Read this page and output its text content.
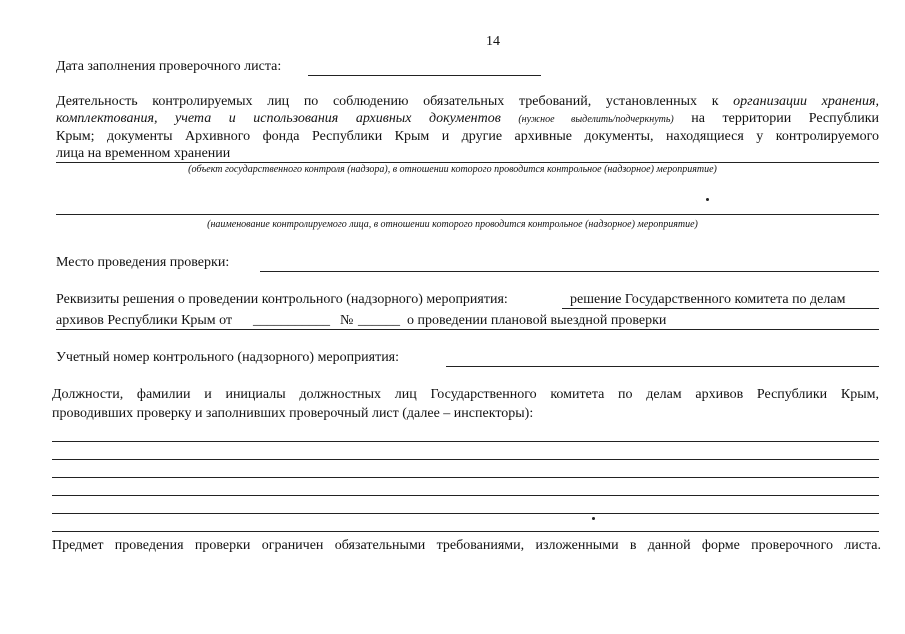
14
Дата заполнения проверочного листа:
Деятельность контролируемых лиц по соблюдению обязательных требований, установленных к организации хранения,
комплектования, учета и использования архивных документов (нужное выделить/подчеркнуть) на территории Республики
Крым; документы Архивного фонда Республики Крым и другие архивные документы, находящиеся у контролируемого
лица на временном хранении
(объект государственного контроля (надзора), в отношении которого проводится контрольное (надзорное) мероприятие)
(наименование контролируемого лица, в отношении которого проводится контрольное (надзорное) мероприятие)
Место проведения проверки:
Реквизиты решения о проведении контрольного (надзорного) мероприятия:	решение Государственного комитета по делам
архивов Республики Крым от ___________ № ______ о проведении плановой выездной проверки
Учетный номер контрольного (надзорного) мероприятия:
Должности, фамилии и инициалы должностных лиц Государственного комитета по делам архивов Республики Крым,
проводивших проверку и заполнивших проверочный лист (далее – инспекторы):
Предмет проведения проверки ограничен обязательными требованиями, изложенными в данной форме проверочного листа.
